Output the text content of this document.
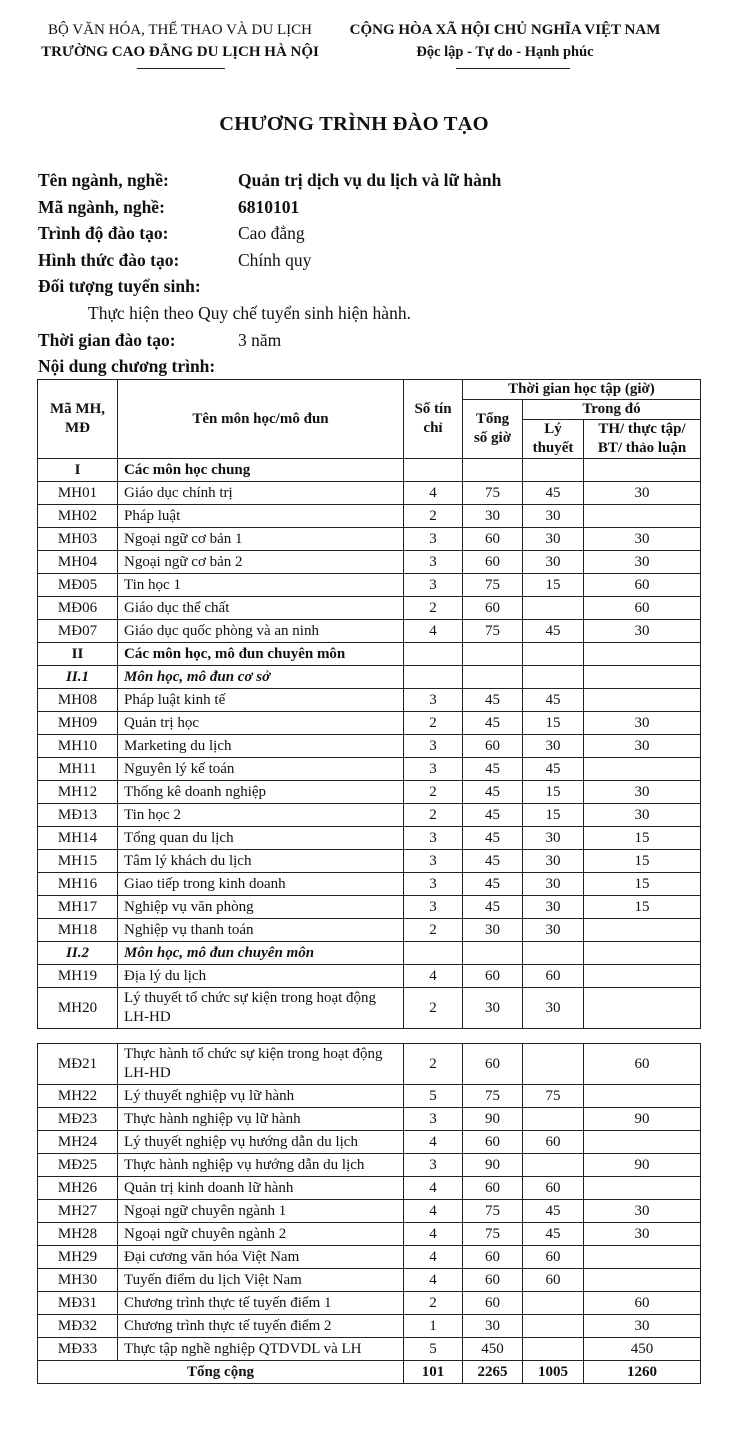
BỘ VĂN HÓA, THỂ THAO VÀ DU LỊCH
TRƯỜNG CAO ĐẲNG DU LỊCH HÀ NỘI
CỘNG HÒA XÃ HỘI CHỦ NGHĨA VIỆT NAM
Độc lập - Tự do - Hạnh phúc
CHƯƠNG TRÌNH ĐÀO TẠO
Tên ngành, nghề:	Quản trị dịch vụ du lịch và lữ hành
Mã ngành, nghề:	6810101
Trình độ đào tạo:	Cao đẳng
Hình thức đào tạo:	Chính quy
Đối tượng tuyển sinh:
Thực hiện theo Quy chế tuyển sinh hiện hành.
Thời gian đào tạo:	3 năm
Nội dung chương trình:
Mã MH, MĐ	Tên môn học/mô đun	Số tín chỉ	Thời gian học tập (giờ)		
			Tổng số giờ	Trong đó	
				Lý thuyết	TH/ thực tập/ BT/ thảo luận
I	Các môn học chung				
MH01	Giáo dục chính trị	4	75	45	30
MH02	Pháp luật	2	30	30	
MH03	Ngoại ngữ cơ bản 1	3	60	30	30
MH04	Ngoại ngữ cơ bản 2	3	60	30	30
MĐ05	Tin học 1	3	75	15	60
MĐ06	Giáo dục thể chất	2	60		60
MĐ07	Giáo dục quốc phòng và an ninh	4	75	45	30
II	Các môn học, mô đun chuyên môn				
II.1	Môn học, mô đun cơ sở				
MH08	Pháp luật kinh tế	3	45	45	
MH09	Quản trị học	2	45	15	30
MH10	Marketing du lịch	3	60	30	30
MH11	Nguyên lý kế toán	3	45	45	
MH12	Thống kê doanh nghiệp	2	45	15	30
MĐ13	Tin học 2	2	45	15	30
MH14	Tổng quan du lịch	3	45	30	15
MH15	Tâm lý khách du lịch	3	45	30	15
MH16	Giao tiếp trong kinh doanh	3	45	30	15
MH17	Nghiệp vụ văn phòng	3	45	30	15
MH18	Nghiệp vụ thanh toán	2	30	30	
II.2	Môn học, mô đun chuyên môn				
MH19	Địa lý du lịch	4	60	60	
MH20	Lý thuyết tổ chức sự kiện trong hoạt động LH-HD	2	30	30	
MĐ21	Thực hành tổ chức sự kiện trong hoạt động LH-HD	2	60		60
MH22	Lý thuyết nghiệp vụ lữ hành	5	75	75	
MĐ23	Thực hành nghiệp vụ lữ hành	3	90		90
MH24	Lý thuyết nghiệp vụ hướng dẫn du lịch	4	60	60	
MĐ25	Thực hành nghiệp vụ hướng dẫn du lịch	3	90		90
MH26	Quản trị kinh doanh lữ hành	4	60	60	
MH27	Ngoại ngữ chuyên ngành 1	4	75	45	30
MH28	Ngoại ngữ chuyên ngành 2	4	75	45	30
MH29	Đại cương văn hóa Việt Nam	4	60	60	
MH30	Tuyến điểm du lịch Việt Nam	4	60	60	
MĐ31	Chương trình thực tế tuyến điểm 1	2	60		60
MĐ32	Chương trình thực tế tuyến điểm 2	1	30		30
MĐ33	Thực tập nghề nghiệp QTDVDL và LH	5	450		450
Tổng cộng		101	2265	1005	1260
